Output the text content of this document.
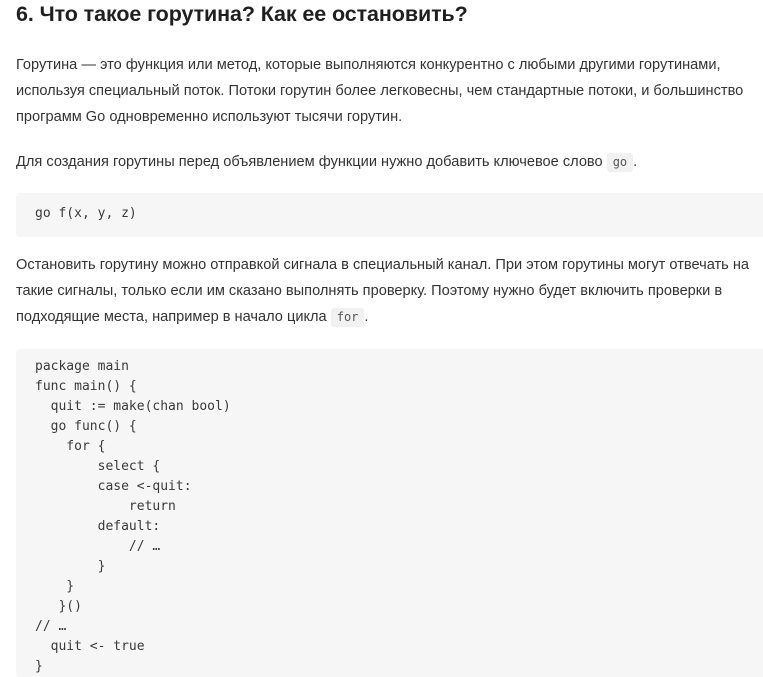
6. Что такое горутина? Как ее остановить?

Горутина — это функция или метод, которые выполняются конкурентно с любыми другими горутинами, используя специальный поток. Потоки горутин более легковесны, чем стандартные потоки, и большинство программ Go одновременно используют тысячи горутин.

Для создания горутины перед объявлением функции нужно добавить ключевое слово go .

go f(x, y, z)

Остановить горутину можно отправкой сигнала в специальный канал. При этом горутины могут отвечать на такие сигналы, только если им сказано выполнять проверку. Поэтому нужно будет включить проверки в подходящие места, например в начало цикла for .

package main
func main() {
quit := make(chan bool)
go func() {
for {
select {
case <-quit:
return
default:
// …
}
}
}()
// …
quit <- true
}
